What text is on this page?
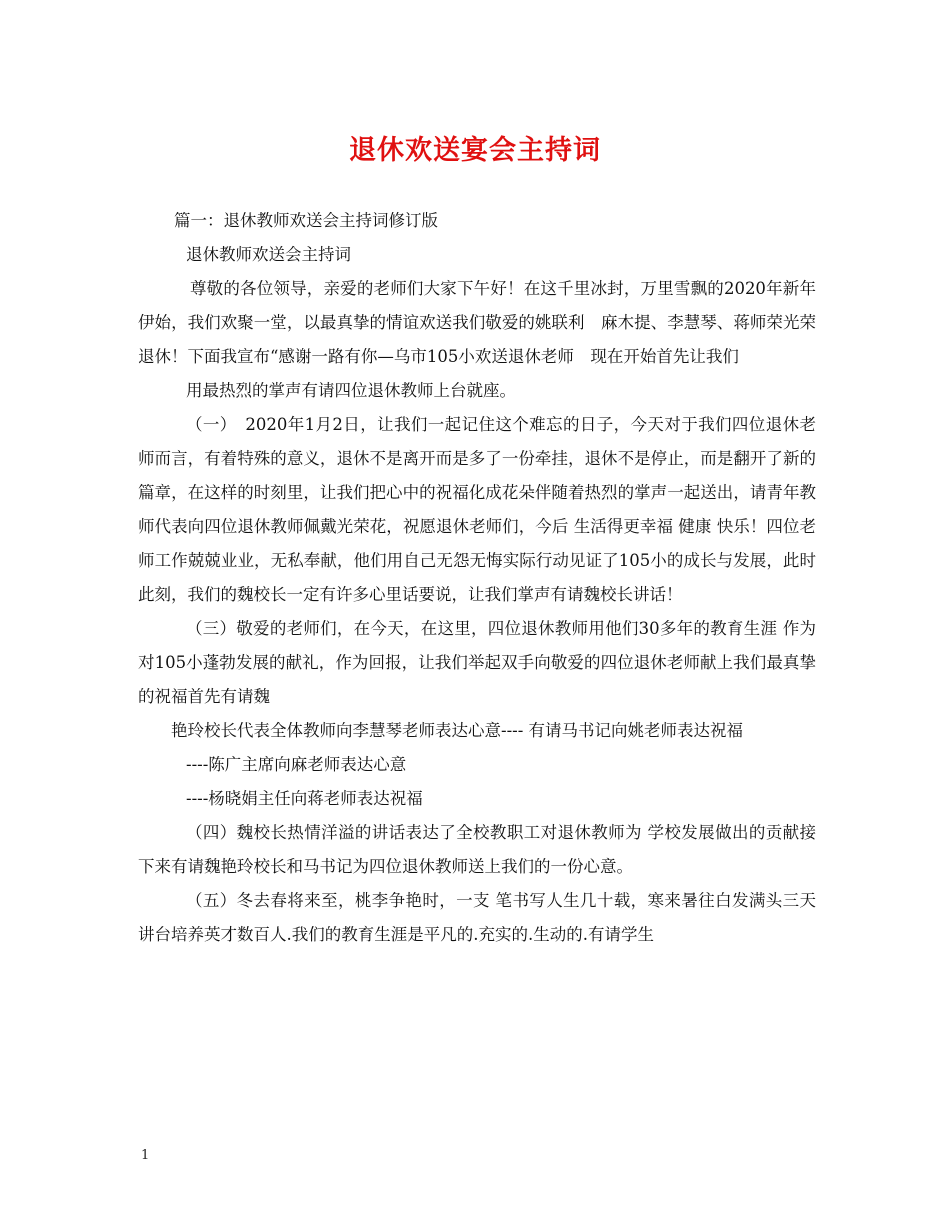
退休欢送宴会主持词

篇一：退休教师欢送会主持词修订版

退休教师欢送会主持词

尊敬的各位领导，亲爱的老师们大家下午好！在这千里冰封，万里雪飘的2020年新年伊始，我们欢聚一堂，以最真挚的情谊欢送我们敬爱的姚联利　麻木提、李慧琴、蒋师荣光荣退休！下面我宣布“感谢一路有你—乌市105小欢送退休老师　现在开始首先让我们

用最热烈的掌声有请四位退休教师上台就座。

（一）　2020年1月2日，让我们一起记住这个难忘的日子，今天对于我们四位退休老师而言，有着特殊的意义，退休不是离开而是多了一份牵挂，退休不是停止，而是翻开了新的篇章，在这样的时刻里，让我们把心中的祝福化成花朵伴随着热烈的掌声一起送出，请青年教师代表向四位退休教师佩戴光荣花，祝愿退休老师们，今后 生活得更幸福 健康 快乐！四位老师工作兢兢业业，无私奉献，他们用自己无怨无悔实际行动见证了105小的成长与发展，此时此刻，我们的魏校长一定有许多心里话要说，让我们掌声有请魏校长讲话！

（三）敬爱的老师们，在今天，在这里，四位退休教师用他们30多年的教育生涯 作为对105小蓬勃发展的献礼，作为回报，让我们举起双手向敬爱的四位退休老师献上我们最真挚的祝福首先有请魏

艳玲校长代表全体教师向李慧琴老师表达心意---- 有请马书记向姚老师表达祝福

----陈广主席向麻老师表达心意

----杨晓娟主任向蒋老师表达祝福

（四）魏校长热情洋溢的讲话表达了全校教职工对退休教师为 学校发展做出的贡献接下来有请魏艳玲校长和马书记为四位退休教师送上我们的一份心意。

（五）冬去春将来至，桃李争艳时，一支 笔书写人生几十载，寒来暑往白发满头三天讲台培养英才数百人.我们的教育生涯是平凡的.充实的.生动的.有请学生

1
